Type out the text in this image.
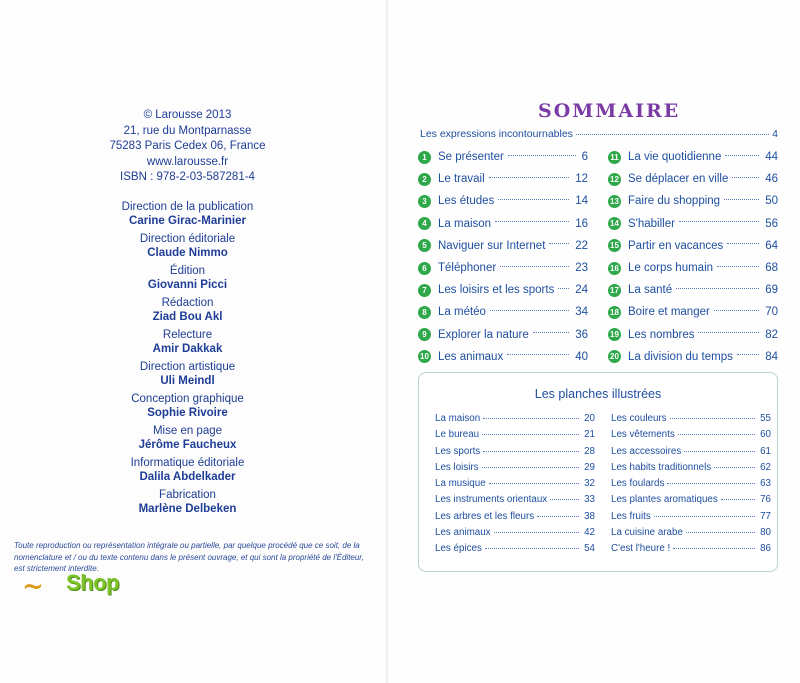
© Larousse 2013
21, rue du Montparnasse
75283 Paris Cedex 06, France
www.larousse.fr
ISBN : 978-2-03-587281-4
Direction de la publication
Carine Girac-Marinier
Direction éditoriale
Claude Nimmo
Édition
Giovanni Picci
Rédaction
Ziad Bou Akl
Relecture
Amir Dakkak
Direction artistique
Uli Meindl
Conception graphique
Sophie Rivoire
Mise en page
Jérôme Faucheux
Informatique éditoriale
Dalila Abdelkader
Fabrication
Marlène Delbeken
Toute reproduction ou représentation intégrale ou partielle, par quelque procédé que ce soit, de la nomenclature et / ou du texte contenu dans le présent ouvrage, et qui sont la propriété de l'Éditeur, est strictement interdite.
~ Shop
SOMMAIRE
Les expressions incontournables	4
1 Se présenter	6
2 Le travail	12
3 Les études	14
4 La maison	16
5 Naviguer sur Internet	22
6 Téléphoner	23
7 Les loisirs et les sports 24
8 La météo	34
9 Explorer la nature	36
10 Les animaux	40
11 La vie quotidienne	44
12 Se déplacer en ville	46
13 Faire du shopping	50
14 S'habiller	56
15 Partir en vacances	64
16 Le corps humain	68
17 La santé	69
18 Boire et manger	70
19 Les nombres	82
20 La division du temps	84
Les planches illustrées
La maison	20
Le bureau	21
Les sports	28
Les loisirs	29
La musique	32
Les instruments orientaux	33
Les arbres et les fleurs	38
Les animaux	42
Les épices	54
Les couleurs	55
Les vêtements	60
Les accessoires	61
Les habits traditionnels	62
Les foulards	63
Les plantes aromatiques	76
Les fruits	77
La cuisine arabe	80
C'est l'heure !	86
